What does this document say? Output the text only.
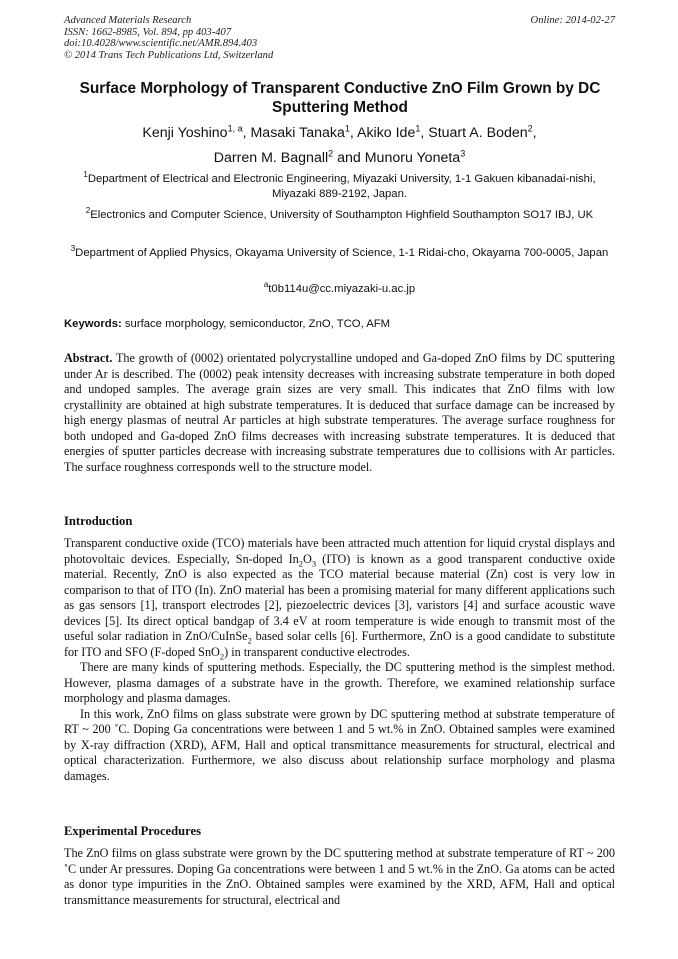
Advanced Materials Research
ISSN: 1662-8985, Vol. 894, pp 403-407
doi:10.4028/www.scientific.net/AMR.894.403
© 2014 Trans Tech Publications Ltd, Switzerland
Online: 2014-02-27
Surface Morphology of Transparent Conductive ZnO Film Grown by DC Sputtering Method
Kenji Yoshino$^{1, a}$, Masaki Tanaka$^1$, Akiko Ide$^1$, Stuart A. Boden$^2$,
Darren M. Bagnall$^2$ and Munoru Yoneta$^3$
$^1$Department of Electrical and Electronic Engineering, Miyazaki University, 1-1 Gakuen kibanadai-nishi, Miyazaki 889-2192, Japan.
$^2$Electronics and Computer Science, University of Southampton Highfield Southampton SO17 IBJ, UK
$^3$Department of Applied Physics, Okayama University of Science, 1-1 Ridai-cho, Okayama 700-0005, Japan
$^a$t0b114u@cc.miyazaki-u.ac.jp
Keywords: surface morphology, semiconductor, ZnO, TCO, AFM
Abstract. The growth of (0002) orientated polycrystalline undoped and Ga-doped ZnO films by DC sputtering under Ar is described. The (0002) peak intensity decreases with increasing substrate temperature in both doped and undoped samples. The average grain sizes are very small. This indicates that ZnO films with low crystallinity are obtained at high substrate temperatures. It is deduced that surface damage can be increased by high energy plasmas of neutral Ar particles at high substrate temperatures. The average surface roughness for both undoped and Ga-doped ZnO films decreases with increasing substrate temperatures. It is deduced that energies of sputter particles decrease with increasing substrate temperatures due to collisions with Ar particles. The surface roughness corresponds well to the structure model.
Introduction

Transparent conductive oxide (TCO) materials have been attracted much attention for liquid crystal displays and photovoltaic devices. Especially, Sn-doped $In_2O_3$ (ITO) is known as a good transparent conductive oxide material. Recently, ZnO is also expected as the TCO material because material (Zn) cost is very low in comparison to that of ITO (In). ZnO material has been a promising material for many different applications such as gas sensors [1], transport electrodes [2], piezoelectric devices [3], varistors [4] and surface acoustic wave devices [5]. Its direct optical bandgap of 3.4 eV at room temperature is wide enough to transmit most of the useful solar radiation in ZnO/CuInSe$_2$ based solar cells [6]. Furthermore, ZnO is a good candidate to substitute for ITO and SFO (F-doped SnO$_2$) in transparent conductive electrodes.

There are many kinds of sputtering methods. Especially, the DC sputtering method is the simplest method. However, plasma damages of a substrate have in the growth. Therefore, we examined relationship surface morphology and plasma damages.

In this work, ZnO films on glass substrate were grown by DC sputtering method at substrate temperature of RT ~ 200 ˚C. Doping Ga concentrations were between 1 and 5 wt.% in ZnO. Obtained samples were examined by X-ray diffraction (XRD), AFM, Hall and optical transmittance measurements for structural, electrical and optical characterization. Furthermore, we also discuss about relationship surface morphology and plasma damages.

Experimental Procedures

The ZnO films on glass substrate were grown by the DC sputtering method at substrate temperature of RT ~ 200 ˚C under Ar pressures. Doping Ga concentrations were between 1 and 5 wt.% in the ZnO. Ga atoms can be acted as donor type impurities in the ZnO. Obtained samples were examined by the XRD, AFM, Hall and optical transmittance measurements for structural, electrical and
